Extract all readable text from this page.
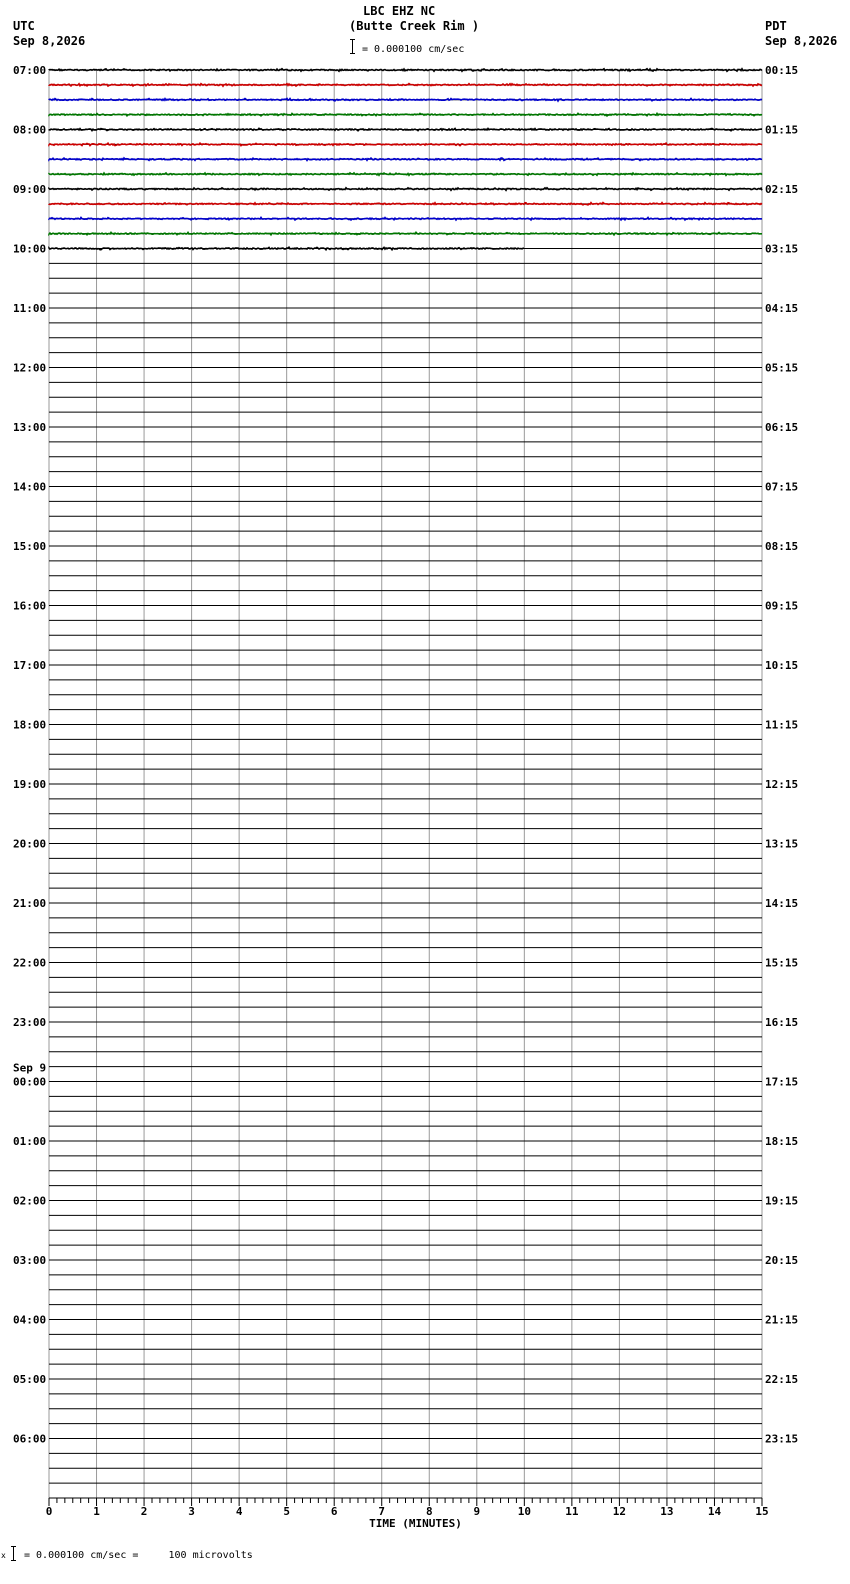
LBC EHZ NC
(Butte Creek Rim )
= 0.000100 cm/sec
UTC
Sep 8,2026
PDT
Sep 8,2026
07:00
08:00
09:00
10:00
11:00
12:00
13:00
14:00
15:00
16:00
17:00
18:00
19:00
20:00
21:00
22:00
23:00
00:00
Sep 9
01:00
02:00
03:00
04:00
05:00
06:00
00:15
01:15
02:15
03:15
04:15
05:15
06:15
07:15
08:15
09:15
10:15
11:15
12:15
13:15
14:15
15:15
16:15
17:15
18:15
19:15
20:15
21:15
22:15
23:15
0	1	2	3	4	5	6	7	8	9	10	11	12	13	14	15
TIME (MINUTES)
x = 0.000100 cm/sec =     100 microvolts
